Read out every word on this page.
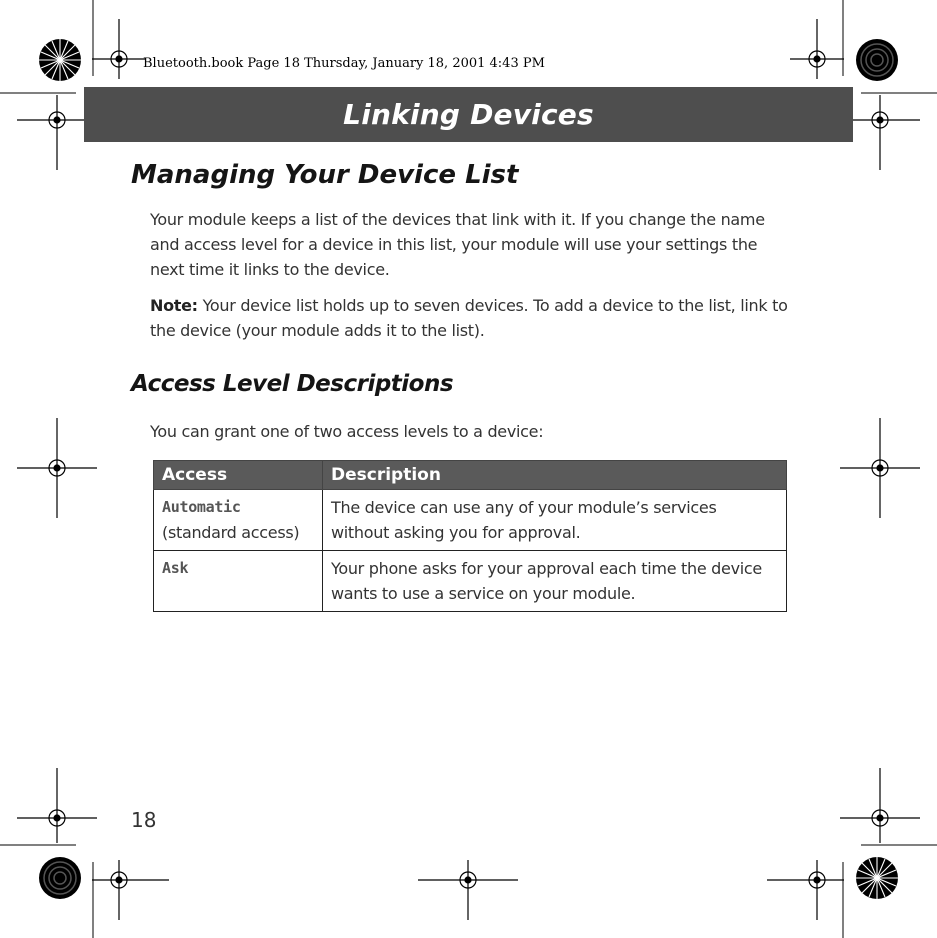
Bluetooth.book Page 18 Thursday, January 18, 2001 4:43 PM
Linking Devices
Managing Your Device List
Your module keeps a list of the devices that link with it. If you change the name and access level for a device in this list, your module will use your settings the next time it links to the device.
Note: Your device list holds up to seven devices. To add a device to the list, link to the device (your module adds it to the list).
Access Level Descriptions
You can grant one of two access levels to a device:
Access	Description

Automatic
(standard access)	The device can use any of your module’s services without asking you for approval.

Ask	Your phone asks for your approval each time the device wants to use a service on your module.
18
